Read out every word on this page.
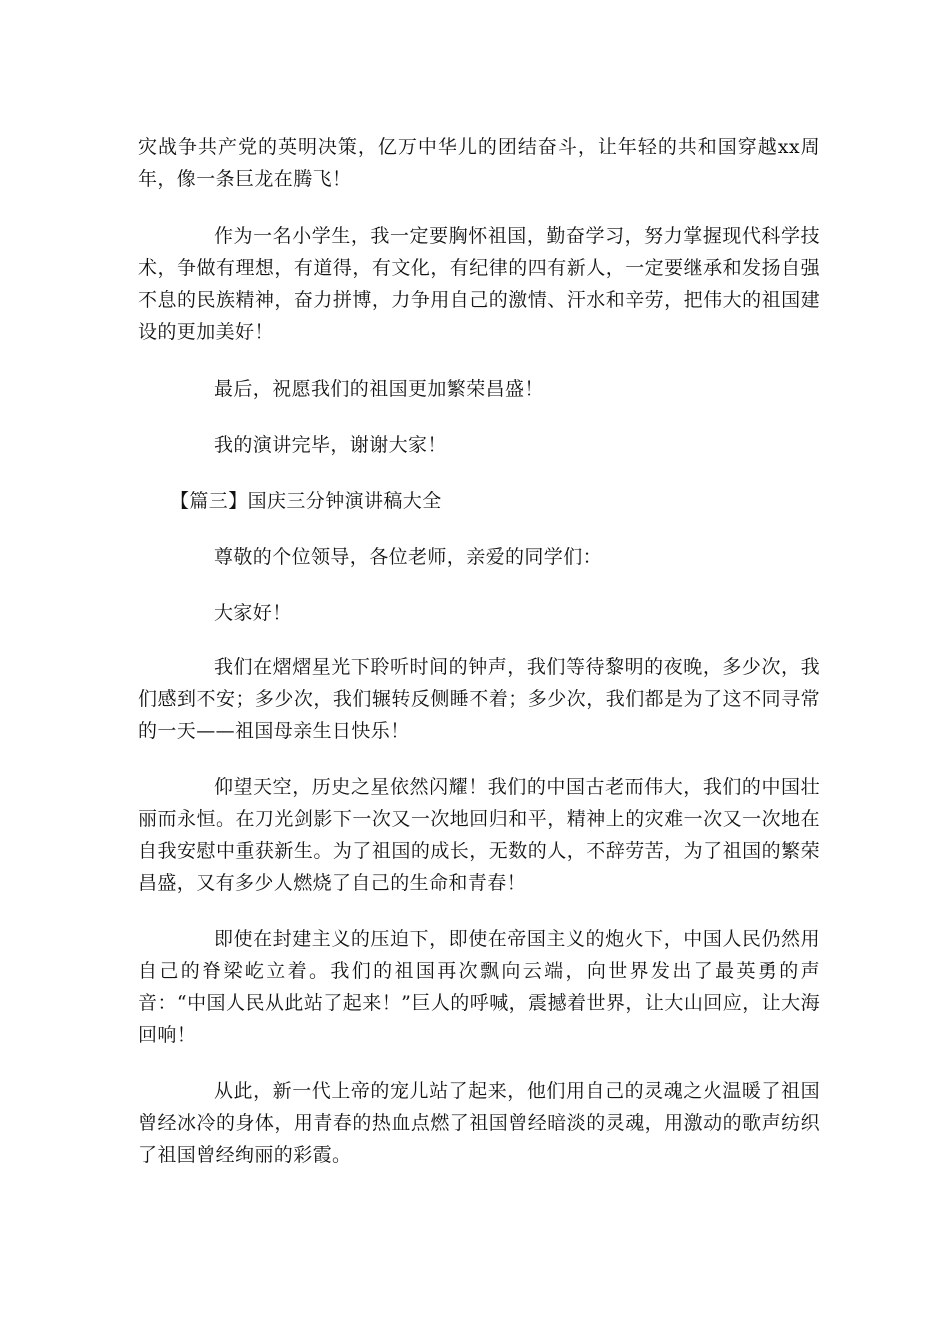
灾战争共产党的英明决策，亿万中华儿的团结奋斗，让年轻的共和国穿越xx周年，像一条巨龙在腾飞！

作为一名小学生，我一定要胸怀祖国，勤奋学习，努力掌握现代科学技术，争做有理想，有道得，有文化，有纪律的四有新人，一定要继承和发扬自强不息的民族精神，奋力拼博，力争用自己的激情、汗水和辛劳，把伟大的祖国建设的更加美好！

最后，祝愿我们的祖国更加繁荣昌盛！

我的演讲完毕，谢谢大家！

【篇三】国庆三分钟演讲稿大全

尊敬的个位领导，各位老师，亲爱的同学们：

大家好！

我们在熠熠星光下聆听时间的钟声，我们等待黎明的夜晚，多少次，我们感到不安；多少次，我们辗转反侧睡不着；多少次，我们都是为了这不同寻常的一天——祖国母亲生日快乐！

仰望天空，历史之星依然闪耀！我们的中国古老而伟大，我们的中国壮丽而永恒。在刀光剑影下一次又一次地回归和平，精神上的灾难一次又一次地在自我安慰中重获新生。为了祖国的成长，无数的人，不辞劳苦，为了祖国的繁荣昌盛，又有多少人燃烧了自己的生命和青春！

即使在封建主义的压迫下，即使在帝国主义的炮火下，中国人民仍然用自己的脊梁屹立着。我们的祖国再次飘向云端，向世界发出了最英勇的声音：“中国人民从此站了起来！”巨人的呼喊，震撼着世界，让大山回应，让大海回响！

从此，新一代上帝的宠儿站了起来，他们用自己的灵魂之火温暖了祖国曾经冰冷的身体，用青春的热血点燃了祖国曾经暗淡的灵魂，用激动的歌声纺织了祖国曾经绚丽的彩霞。
